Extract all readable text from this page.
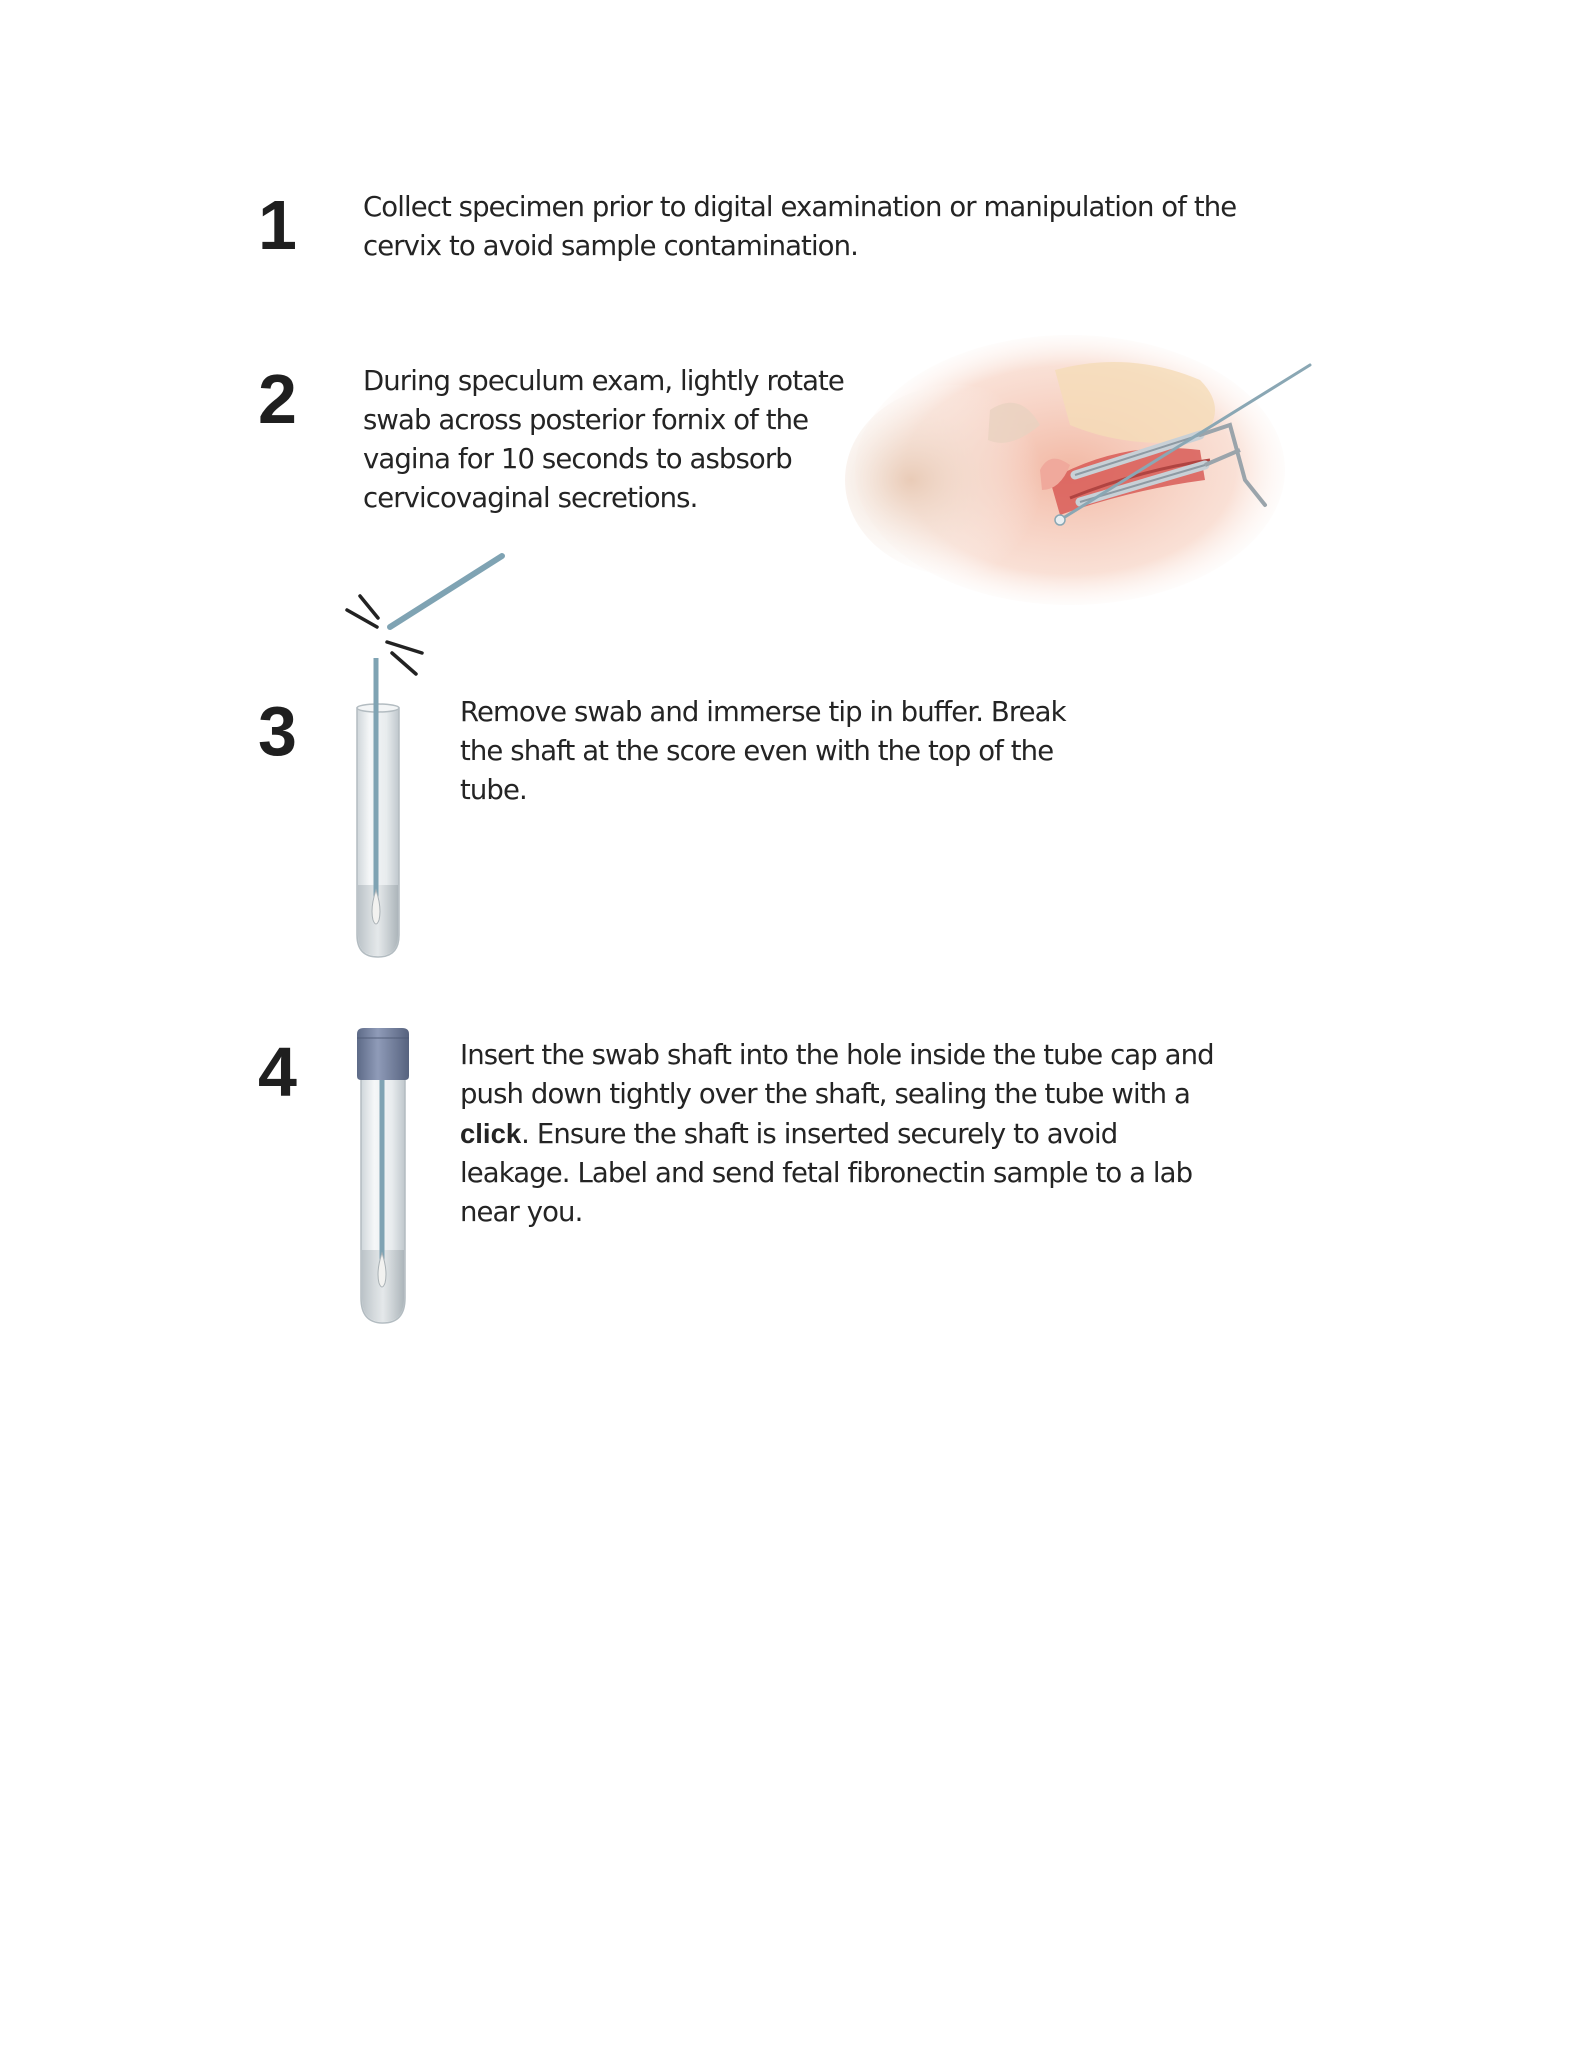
1 Collect specimen prior to digital examination or manipulation of the cervix to avoid sample contamination.

2 During speculum exam, lightly rotate swab across posterior fornix of the vagina for 10 seconds to asbsorb cervicovaginal secretions.

3	Remove swab and immerse tip in buffer. Break the shaft at the score even with the top of the tube.

4	Insert the swab shaft into the hole inside the tube cap and push down tightly over the shaft, sealing the tube with a click. Ensure the shaft is inserted securely to avoid leakage. Label and send fetal fibronectin sample to a lab near you.
